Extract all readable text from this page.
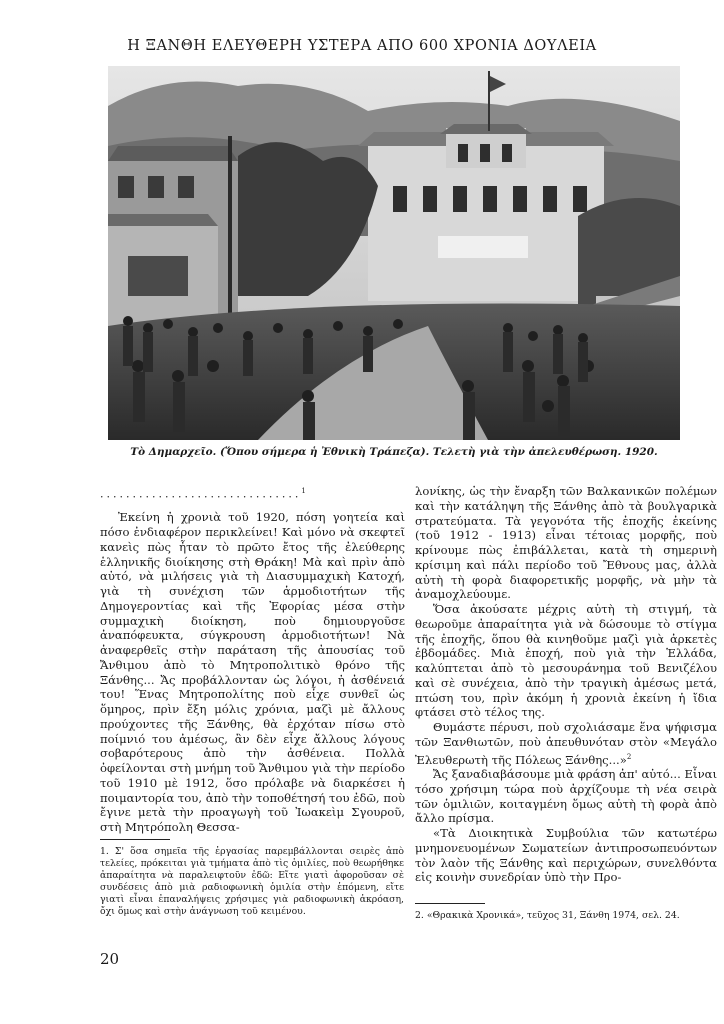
Η ΞΑΝΘΗ ΕΛΕΥΘΕΡΗ ΥΣΤΕΡΑ ΑΠΟ 600 ΧΡΟΝΙΑ ΔΟΥΛΕΙΑ
Τὸ Δημαρχεῖο. (Ὅπου σήμερα ἡ Ἐθνικὴ Τράπεζα). Τελετὴ γιὰ τὴν ἀπελευθέρωση. 1920.

...............................$^1$

Ἐκείνη ἡ χρονιὰ τοῦ 1920, πόση γοητεία καὶ πόσο ἐνδιαφέρον περικλείνει! Καὶ μόνο νὰ σκεφτεῖ κανεὶς πὼς ἦταν τὸ πρῶτο ἔτος τῆς ἐλεύθερης ἑλληνικῆς διοίκησης στὴ Θράκη! Μὰ καὶ πρὶν ἀπὸ αὐτό, νὰ μιλήσεις γιὰ τὴ Διασυμμαχικὴ Κατοχή, γιὰ τὴ συνέχιση τῶν ἁρμοδιοτήτων τῆς Δημογεροντίας καὶ τῆς Ἐφορίας μέσα στὴν συμμαχικὴ διοίκηση, ποὺ δημιουργοῦσε ἀναπόφευκτα, σύγκρουση ἁρμοδιοτήτων! Νὰ ἀναφερθεῖς στὴν παράταση τῆς ἀπουσίας τοῦ Ἄνθιμου ἀπὸ τὸ Μητροπολιτικὸ θρόνο τῆς Ξάνθης... Ἄς προβάλλονταν ὡς λόγοι, ἡ ἀσθένειά του! Ἕνας Μητροπολίτης ποὺ εἶχε συνθεῖ ὡς ὅμηρος, πρὶν ἔξη μόλις χρόνια, μαζὶ μὲ ἄλλους προύχοντες τῆς Ξάνθης, θὰ ἐρχόταν πίσω στὸ ποίμνιό του ἀμέσως, ἂν δὲν εἶχε ἄλλους λόγους σοβαρότερους ἀπὸ τὴν ἀσθένεια. Πολλὰ ὀφείλονται στὴ μνήμη τοῦ Ἄνθιμου γιὰ τὴν περίοδο τοῦ 1910 μὲ 1912, ὅσο πρόλαβε νὰ διαρκέσει ἡ ποιμαντορία του, ἀπὸ τὴν τοποθέτησή του ἐδῶ, ποὺ ἔγινε μετὰ τὴν προαγωγὴ τοῦ Ἰωακεὶμ Σγουροῦ, στὴ Μητρόπολη Θεσσα-

λονίκης, ὡς τὴν ἔναρξη τῶν Βαλκανικῶν πολέμων καὶ τὴν κατάληψη τῆς Ξάνθης ἀπὸ τὰ βουλγαρικὰ στρατεύματα. Τὰ γεγονότα τῆς ἐποχῆς ἐκείνης (τοῦ 1912 - 1913) εἶναι τέτοιας μορφῆς, ποὺ κρίνουμε πὼς ἐπιβάλλεται, κατὰ τὴ σημερινὴ κρίσιμη καὶ πάλι περίοδο τοῦ Ἔθνους μας, ἀλλὰ αὐτὴ τὴ φορὰ διαφορετικῆς μορφῆς, νὰ μὴν τὰ ἀναμοχλεύουμε.

Ὅσα ἀκούσατε μέχρις αὐτὴ τὴ στιγμή, τὰ θεωροῦμε ἀπαραίτητα γιὰ νὰ δώσουμε τὸ στίγμα τῆς ἐποχῆς, ὅπου θὰ κινηθοῦμε μαζὶ γιὰ ἀρκετὲς ἑβδομάδες. Μιὰ ἐποχή, ποὺ γιὰ τὴν Ἑλλάδα, καλύπτεται ἀπὸ τὸ μεσουράνημα τοῦ Βενιζέλου καὶ σὲ συνέχεια, ἀπὸ τὴν τραγικὴ ἀμέσως μετά, πτώση του, πρὶν ἀκόμη ἡ χρονιὰ ἐκείνη ἡ ἴδια φτάσει στὸ τέλος της.

Θυμάστε πέρυσι, ποὺ σχολιάσαμε ἕνα ψήφισμα τῶν Ξανθιωτῶν, ποὺ ἀπευθυνόταν στὸν «Μεγάλο Ἐλευθερωτὴ τῆς Πόλεως Ξάνθης...»$^2$

Ἄς ξαναδιαβάσουμε μιὰ φράση ἀπ' αὐτό... Εἶναι τόσο χρήσιμη τώρα ποὺ ἀρχίζουμε τὴ νέα σειρὰ τῶν ὁμιλιῶν, κοιταγμένη ὅμως αὐτὴ τὴ φορὰ ἀπὸ ἄλλο πρίσμα.

«Τὰ Διοικητικὰ Συμβούλια τῶν κατωτέρω μνημονευομένων Σωματείων ἀντιπροσωπευόντων τὸν λαὸν τῆς Ξάνθης καὶ περιχώρων, συνελθόντα εἰς κοινὴν συνεδρίαν ὑπὸ τὴν Προ-

1. Σ' ὅσα σημεῖα τῆς ἐργασίας παρεμβάλλονται σειρὲς ἀπὸ τελείες, πρόκειται γιὰ τμήματα ἀπὸ τὶς ὁμιλίες, ποὺ θεωρήθηκε ἀπαραίτητα νὰ παραλειφτοῦν ἐδῶ: Εἴτε γιατὶ ἀφοροῦσαν σὲ συνδέσεις ἀπὸ μιὰ ραδιοφωνικὴ ὁμιλία στὴν ἑπόμενη, εἴτε γιατὶ εἶναι ἐπαναλήψεις χρήσιμες γιὰ ραδιοφωνικὴ ἀκρόαση, ὄχι ὅμως καὶ στὴν ἀνάγνωση τοῦ κειμένου.	2. «Θρακικὰ Χρονικά», τεῦχος 31, Ξάνθη 1974, σελ. 24.
20
